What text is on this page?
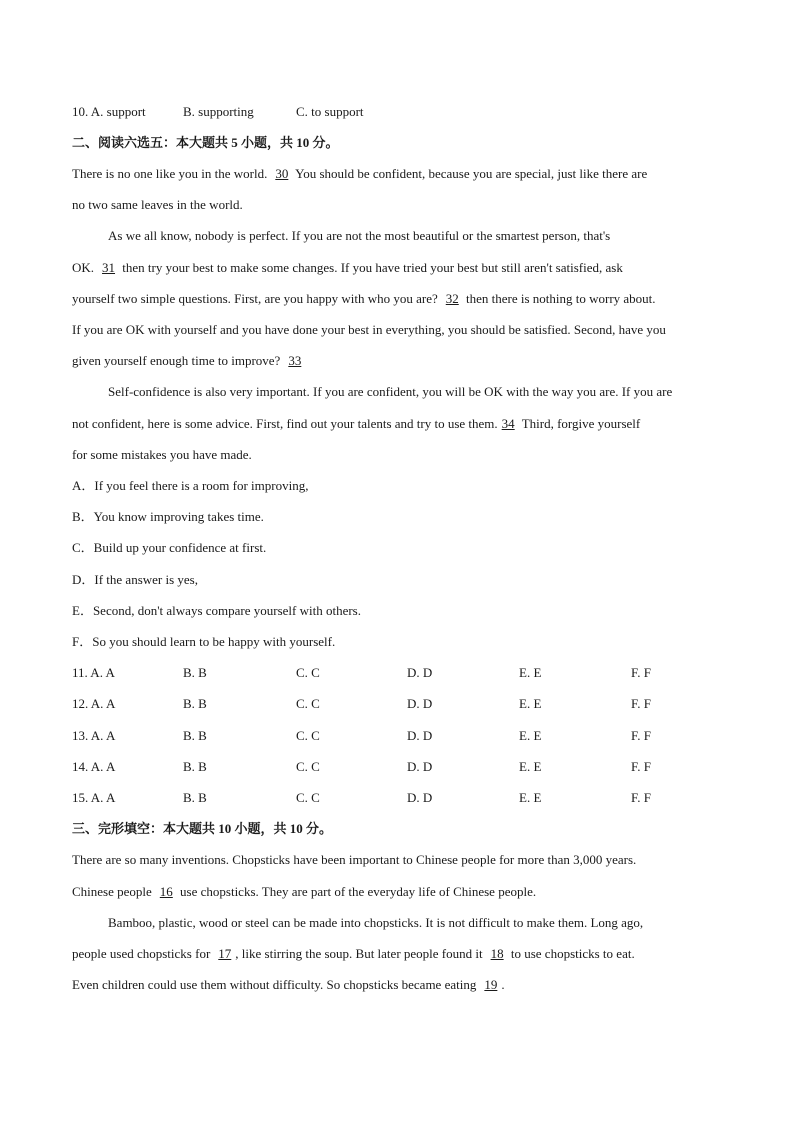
10. A. support	B. supporting	C. to support
二、阅读六选五：本大题共 5 小题，共 10 分。
There is no one like you in the world. 30 You should be confident, because you are special, just like there are
no two same leaves in the world.
As we all know, nobody is perfect. If you are not the most beautiful or the smartest person, that's
OK. 31 then try your best to make some changes. If you have tried your best but still aren't satisfied, ask
yourself two simple questions. First, are you happy with who you are? 32 then there is nothing to worry about.
If you are OK with yourself and you have done your best in everything, you should be satisfied. Second, have you
given yourself enough time to improve? 33
Self-confidence is also very important. If you are confident, you will be OK with the way you are. If you are
not confident, here is some advice. First, find out your talents and try to use them. 34 Third, forgive yourself
for some mistakes you have made.
A．If you feel there is a room for improving,
B．You know improving takes time.
C．Build up your confidence at first.
D．If the answer is yes,
E．Second, don't always compare yourself with others.
F．So you should learn to be happy with yourself.
11. A. A	B. B	C. C	D. D	E. E	F. F
12. A. A	B. B	C. C	D. D	E. E	F. F
13. A. A	B. B	C. C	D. D	E. E	F. F
14. A. A	B. B	C. C	D. D	E. E	F. F
15. A. A	B. B	C. C	D. D	E. E	F. F
三、完形填空：本大题共 10 小题，共 10 分。
There are so many inventions. Chopsticks have been important to Chinese people for more than 3,000 years.
Chinese people 16 use chopsticks. They are part of the everyday life of Chinese people.
Bamboo, plastic, wood or steel can be made into chopsticks. It is not difficult to make them. Long ago,
people used chopsticks for 17 , like stirring the soup. But later people found it 18 to use chopsticks to eat.
Even children could use them without difficulty. So chopsticks became eating 19 .
